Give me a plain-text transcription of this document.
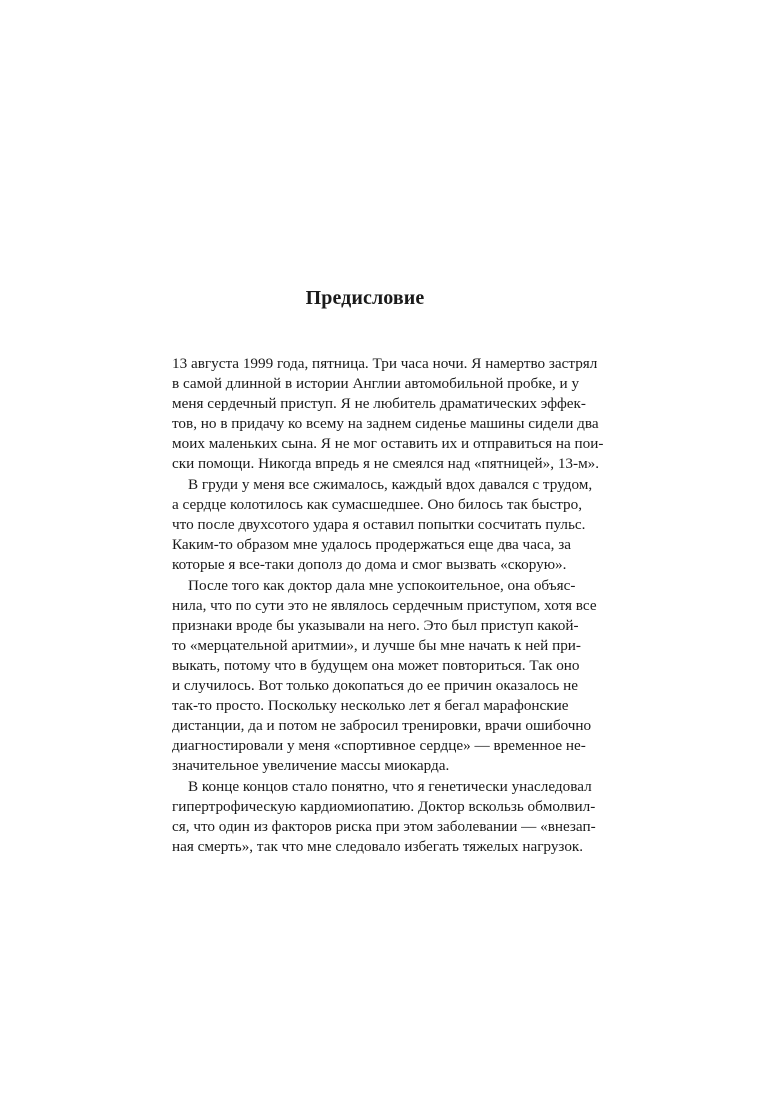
Предисловие

13 августа 1999 года, пятница. Три часа ночи. Я намертво застрял

в самой длинной в истории Англии автомобильной пробке, и у

меня сердечный приступ. Я не любитель драматических эффек-

тов, но в придачу ко всему на заднем сиденье машины сидели два

моих маленьких сына. Я не мог оставить их и отправиться на пои-

ски помощи. Никогда впредь я не смеялся над «пятницей», 13-м».

В груди у меня все сжималось, каждый вдох давался с трудом,

а сердце колотилось как сумасшедшее. Оно билось так быстро,

что после двухсотого удара я оставил попытки сосчитать пульс.

Каким-то образом мне удалось продержаться еще два часа, за

которые я все-таки дополз до дома и смог вызвать «скорую».

После того как доктор дала мне успокоительное, она объяс-

нила, что по сути это не являлось сердечным приступом, хотя все

признаки вроде бы указывали на него. Это был приступ какой-

то «мерцательной аритмии», и лучше бы мне начать к ней при-

выкать, потому что в будущем она может повториться. Так оно

и случилось. Вот только докопаться до ее причин оказалось не

так-то просто. Поскольку несколько лет я бегал марафонские

дистанции, да и потом не забросил тренировки, врачи ошибочно

диагностировали у меня «спортивное сердце» — временное не-

значительное увеличение массы миокарда.

В конце концов стало понятно, что я генетически унаследовал

гипертрофическую кардиомиопатию. Доктор вскользь обмолвил-

ся, что один из факторов риска при этом заболевании — «внезап-

ная смерть», так что мне следовало избегать тяжелых нагрузок.
